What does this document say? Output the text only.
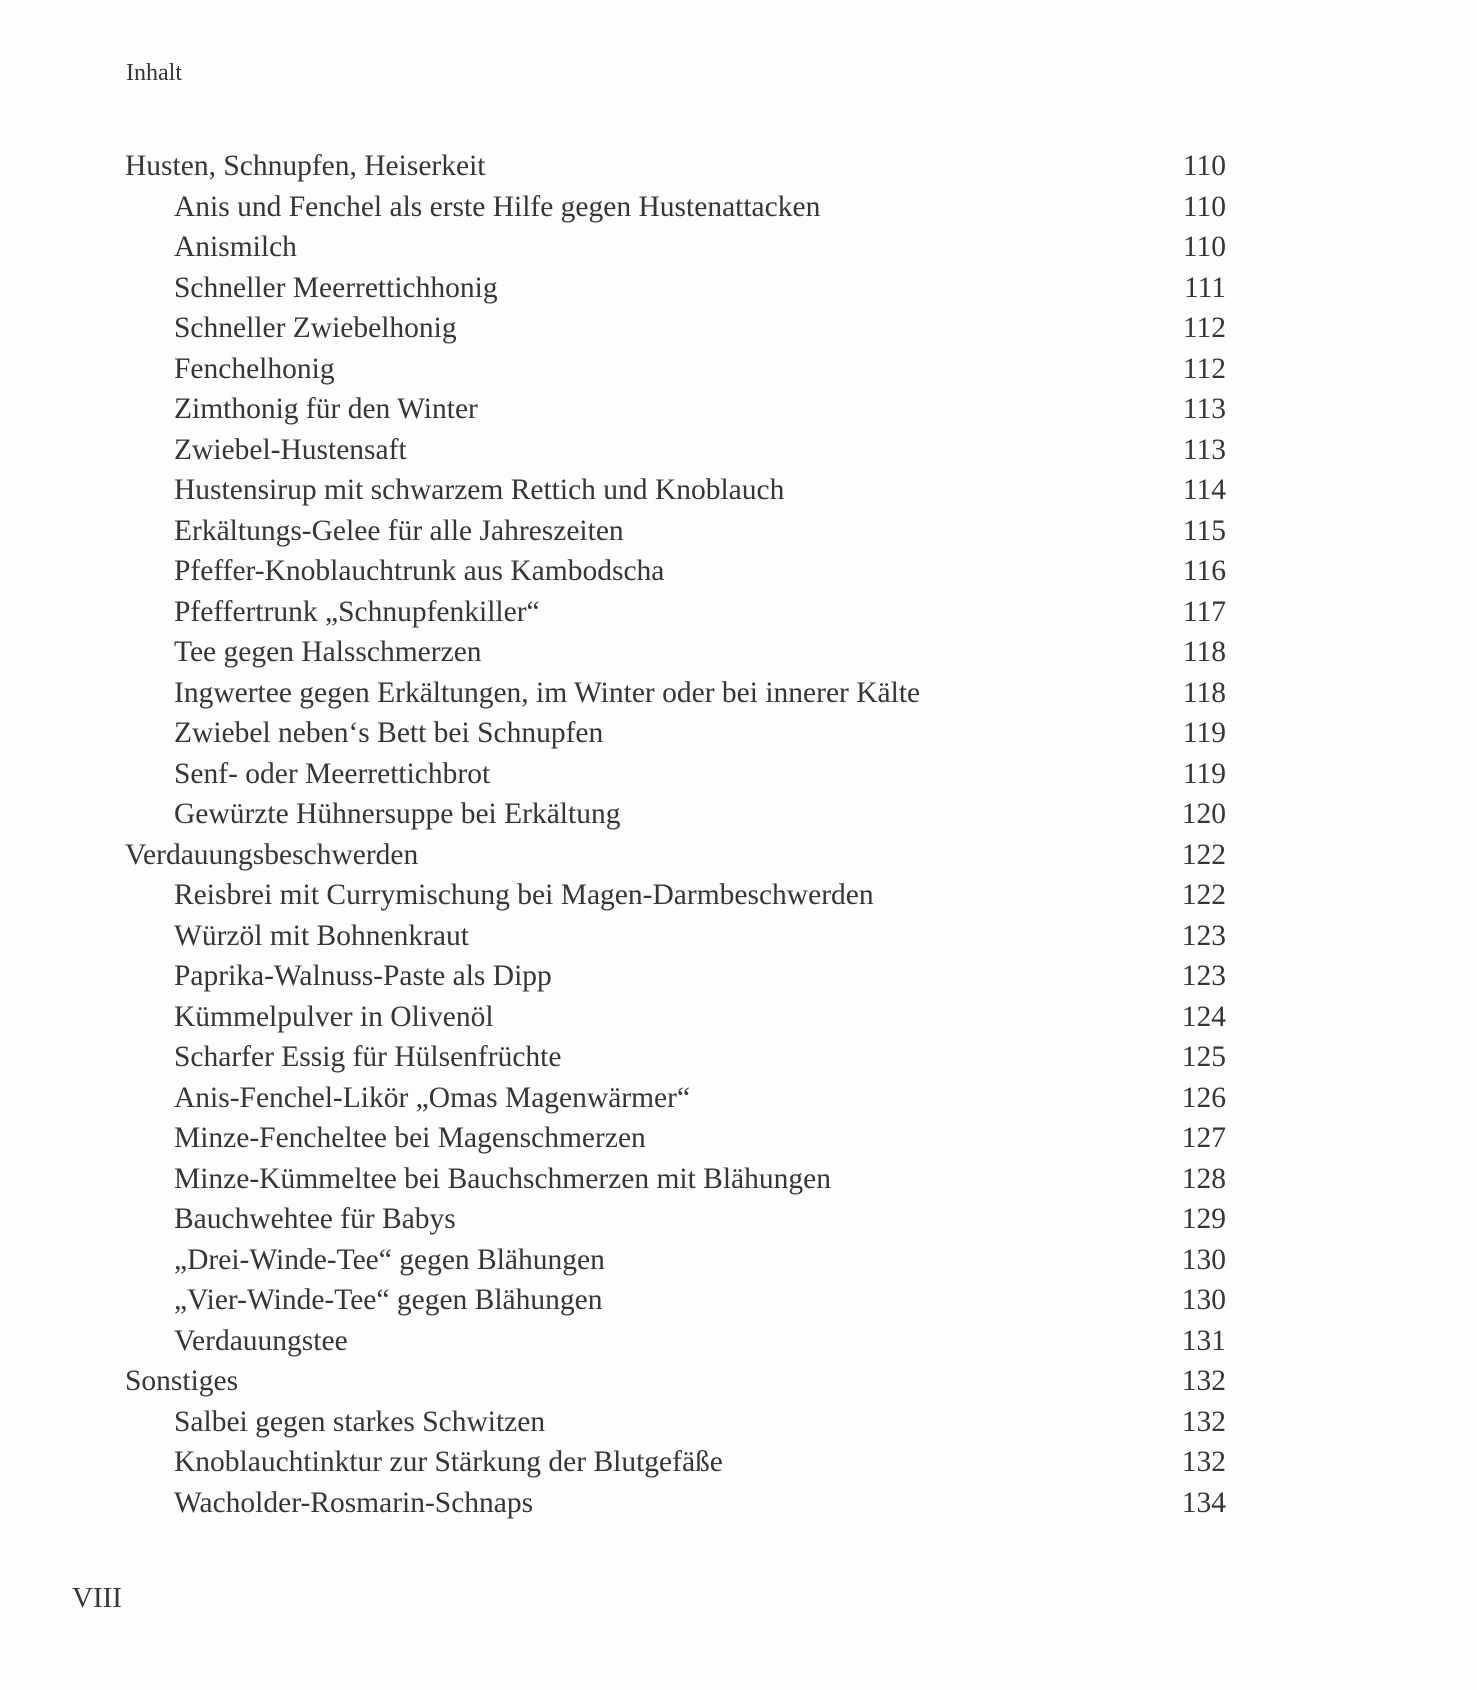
Inhalt
Husten, Schnupfen, Heiserkeit	110
Anis und Fenchel als erste Hilfe gegen Hustenattacken	110
Anismilch	110
Schneller Meerrettichhonig	111
Schneller Zwiebelhonig	112
Fenchelhonig	112
Zimthonig für den Winter	113
Zwiebel-Hustensaft	113
Hustensirup mit schwarzem Rettich und Knoblauch	114
Erkältungs-Gelee für alle Jahreszeiten	115
Pfeffer-Knoblauchtrunk aus Kambodscha	116
Pfeffertrunk „Schnupfenkiller“	117
Tee gegen Halsschmerzen	118
Ingwertee gegen Erkältungen, im Winter oder bei innerer Kälte	118
Zwiebel neben‘s Bett bei Schnupfen	119
Senf- oder Meerrettichbrot	119
Gewürzte Hühnersuppe bei Erkältung	120
Verdauungsbeschwerden	122
Reisbrei mit Currymischung bei Magen-Darmbeschwerden	122
Würzöl mit Bohnenkraut	123
Paprika-Walnuss-Paste als Dipp	123
Kümmelpulver in Olivenöl	124
Scharfer Essig für Hülsenfrüchte	125
Anis-Fenchel-Likör „Omas Magenwärmer“	126
Minze-Fencheltee bei Magenschmerzen	127
Minze-Kümmeltee bei Bauchschmerzen mit Blähungen	128
Bauchwehtee für Babys	129
„Drei-Winde-Tee“ gegen Blähungen	130
„Vier-Winde-Tee“ gegen Blähungen	130
Verdauungstee	131
Sonstiges	132
Salbei gegen starkes Schwitzen	132
Knoblauchtinktur zur Stärkung der Blutgefäße	132
Wacholder-Rosmarin-Schnaps	134
VIII
